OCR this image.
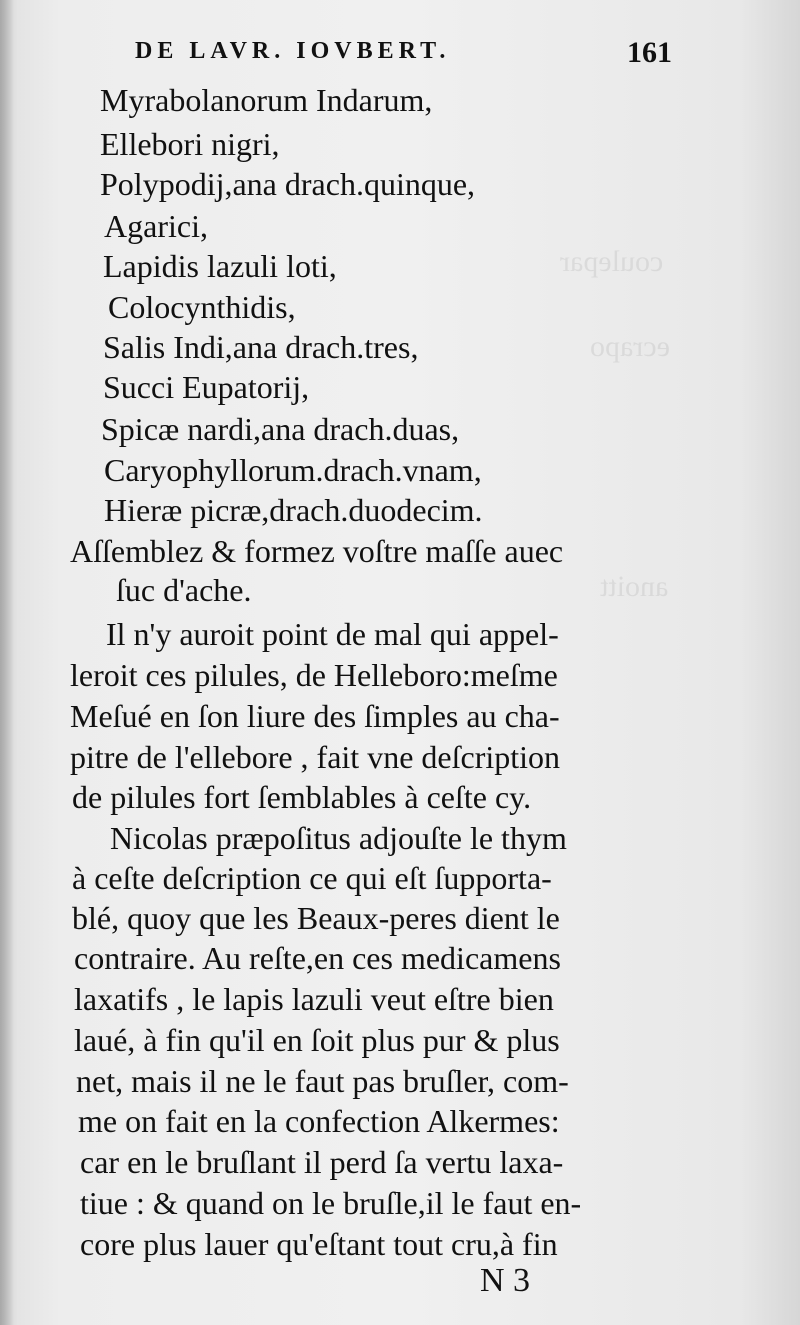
coulepar
ecrapo
anoitt
DE LAVR. IOVBERT.	161
Myrabolanorum Indarum,
Ellebori nigri,
Polypodij,ana drach.quinque,
Agarici,
Lapidis lazuli loti,
Colocynthidis,
Salis Indi,ana drach.tres,
Succi Eupatorij,
Spicæ nardi,ana drach.duas,
Caryophyllorum.drach.vnam,
Hieræ picræ,drach.duodecim.
Aſſemblez & formez voſtre maſſe auec
ſuc d'ache.
Il n'y auroit point de mal qui appel-
leroit ces pilules, de Helleboro:meſme
Meſué en ſon liure des ſimples au cha-
pitre de l'ellebore , fait vne deſcription
de pilules fort ſemblables à ceſte cy.
Nicolas præpoſitus adjouſte le thym
à ceſte deſcription ce qui eſt ſupporta-
blé, quoy que les Beaux-peres dient le
contraire. Au reſte,en ces medicamens
laxatifs , le lapis lazuli veut eſtre bien
laué, à fin qu'il en ſoit plus pur & plus
net, mais il ne le faut pas bruſler, com-
me on fait en la confection Alkermes:
car en le bruſlant il perd ſa vertu laxa-
tiue : & quand on le bruſle,il le faut en-
core plus lauer qu'eſtant tout cru,à fin
N 3
